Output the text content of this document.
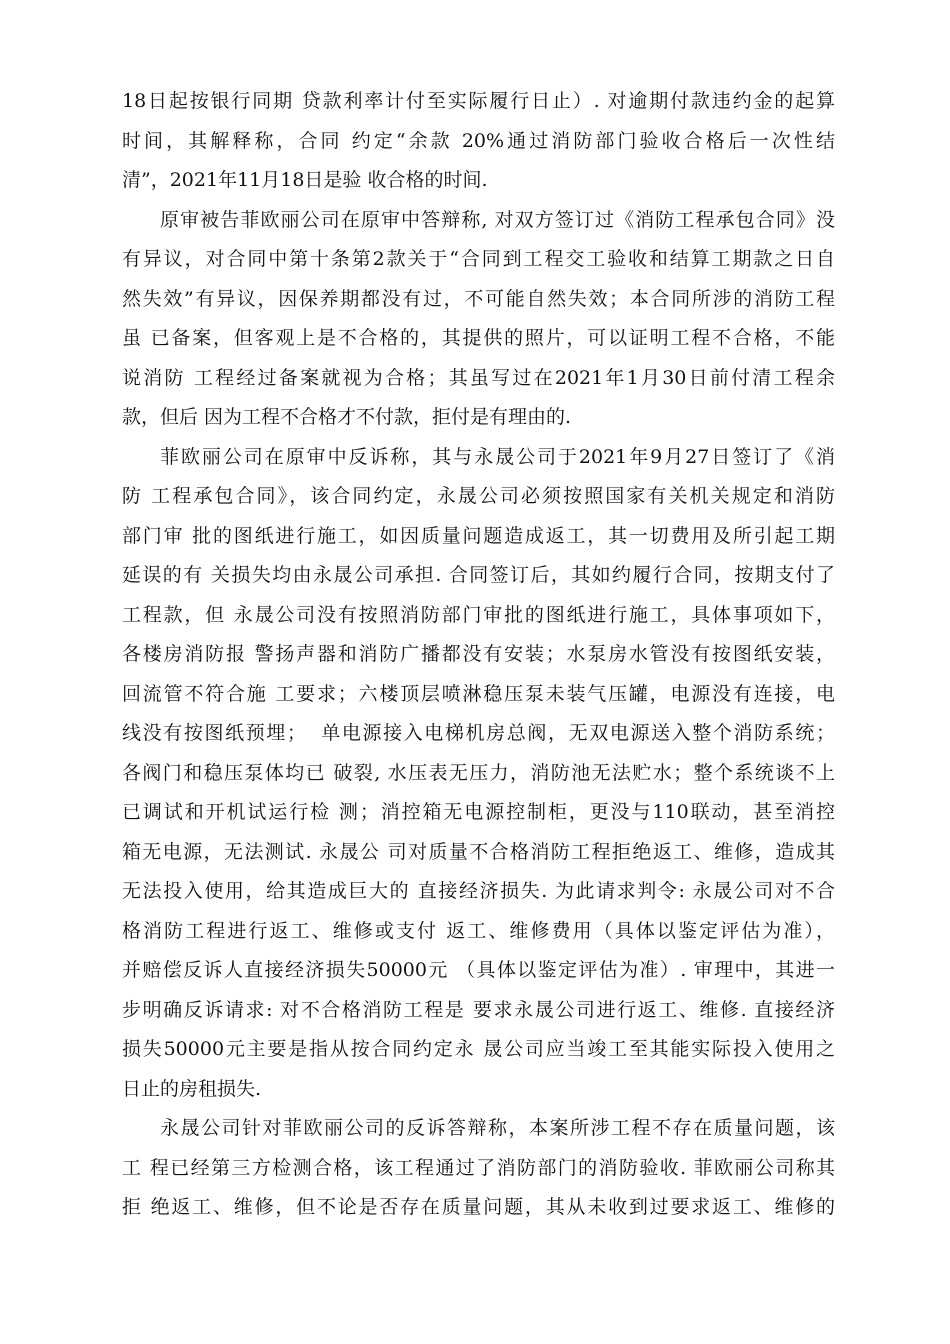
18日起按银行同期 贷款利率计付至实际履行日止）. 对逾期付款违约金的起算
时间，其解释称，合同 约定“余款 20%通过消防部门验收合格后一次性结
清”，2021年11月18日是验 收合格的时间.
原审被告菲欧丽公司在原审中答辩称, 对双方签订过《消防工程承包合同》没
有异议，对合同中第十条第2款关于“合同到工程交工验收和结算工期款之日自
然失效”有异议，因保养期都没有过，不可能自然失效；本合同所涉的消防工程
虽 已备案，但客观上是不合格的，其提供的照片，可以证明工程不合格，不能
说消防 工程经过备案就视为合格；其虽写过在2021年1月30日前付清工程余
款，但后 因为工程不合格才不付款，拒付是有理由的.
菲欧丽公司在原审中反诉称，其与永晟公司于2021年9月27日签订了《消
防 工程承包合同》，该合同约定，永晟公司必须按照国家有关机关规定和消防
部门审 批的图纸进行施工，如因质量问题造成返工，其一切费用及所引起工期
延误的有 关损失均由永晟公司承担. 合同签订后，其如约履行合同，按期支付了
工程款，但 永晟公司没有按照消防部门审批的图纸进行施工，具体事项如下，
各楼房消防报 警扬声器和消防广播都没有安装；水泵房水管没有按图纸安装，
回流管不符合施 工要求；六楼顶层喷淋稳压泵未装气压罐，电源没有连接，电
线没有按图纸预埋；  单电源接入电梯机房总阀，无双电源送入整个消防系统；
各阀门和稳压泵体均已 破裂, 水压表无压力，消防池无法贮水；整个系统谈不上
已调试和开机试运行检 测；消控箱无电源控制柜，更没与110联动，甚至消控
箱无电源，无法测试. 永晟公 司对质量不合格消防工程拒绝返工、维修，造成其
无法投入使用，给其造成巨大的 直接经济损失. 为此请求判令: 永晟公司对不合
格消防工程进行返工、维修或支付 返工、维修费用（具体以鉴定评估为准），
并赔偿反诉人直接经济损失50000元 （具体以鉴定评估为准）. 审理中，其进一
步明确反诉请求: 对不合格消防工程是 要求永晟公司进行返工、维修. 直接经济
损失50000元主要是指从按合同约定永 晟公司应当竣工至其能实际投入使用之
日止的房租损失.
永晟公司针对菲欧丽公司的反诉答辩称，本案所涉工程不存在质量问题，该
工 程已经第三方检测合格，该工程通过了消防部门的消防验收. 菲欧丽公司称其
拒 绝返工、维修，但不论是否存在质量问题，其从未收到过要求返工、维修的
